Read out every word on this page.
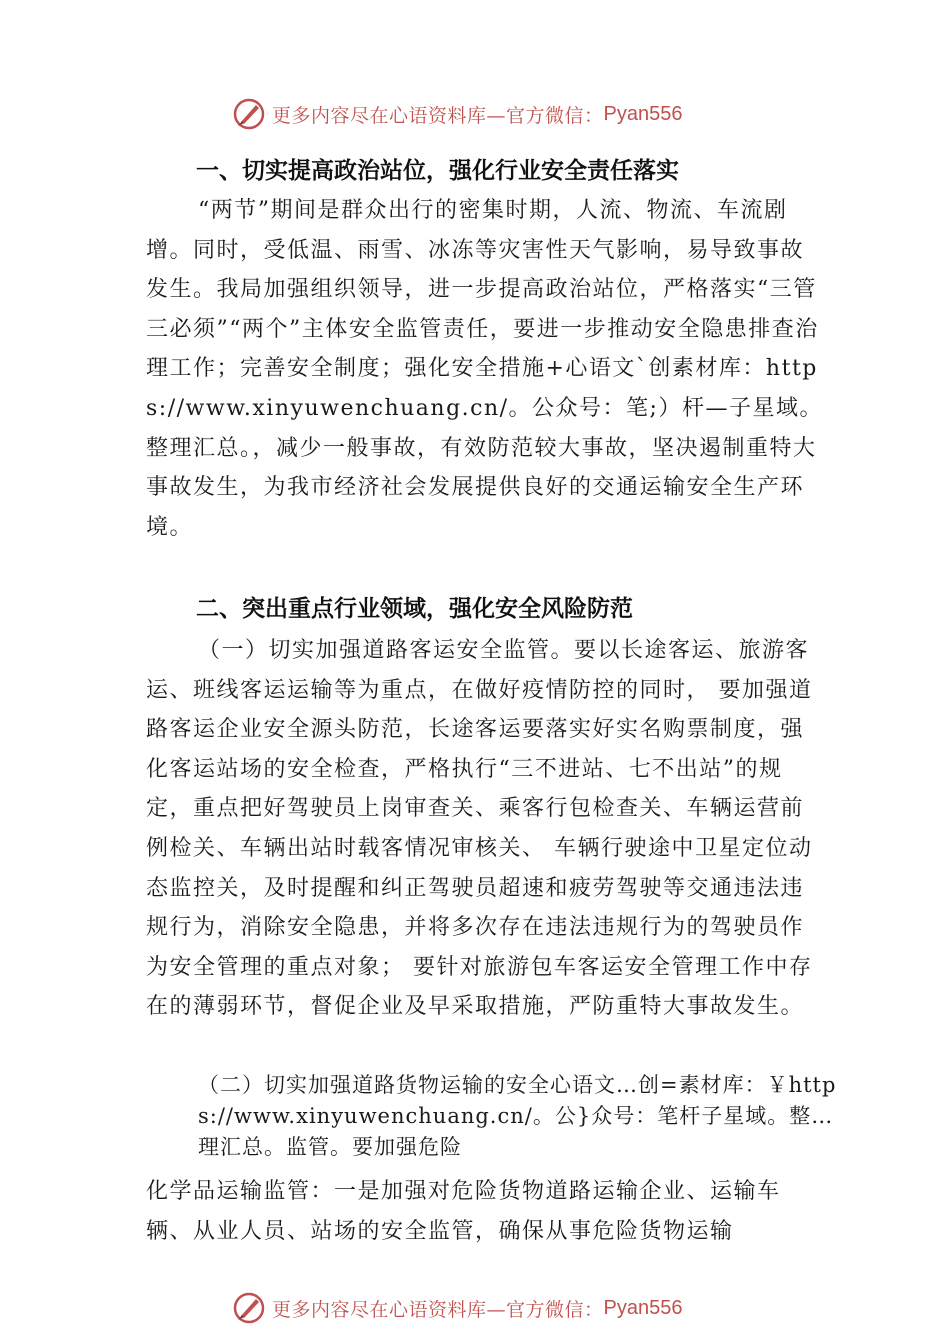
更多内容尽在心语资料库—官方微信： Pyan556
一、切实提高政治站位，强化行业安全责任落实
“两节”期间是群众出行的密集时期，人流、物流、车流剧增。同时，受低温、雨雪、冰冻等灾害性天气影响，易导致事故发生。我局加强组织领导，进一步提高政治站位，严格落实“三管三必须”“两个”主体安全监管责任，要进一步推动安全隐患排查治理工作；完善安全制度；强化安全措施+心语文`创素材库：https://www.xinyuwenchuang.cn/。公众号：笔;）杆—子星域。整理汇总。，减少一般事故，有效防范较大事故，坚决遏制重特大事故发生，为我市经济社会发展提供良好的交通运输安全生产环境。
二、突出重点行业领域，强化安全风险防范
（一）切实加强道路客运安全监管。要以长途客运、旅游客运、班线客运运输等为重点，在做好疫情防控的同时， 要加强道路客运企业安全源头防范，长途客运要落实好实名购票制度，强化客运站场的安全检查，严格执行“三不进站、七不出站”的规定，重点把好驾驶员上岗审查关、乘客行包检查关、车辆运营前例检关、车辆出站时载客情况审核关、 车辆行驶途中卫星定位动态监控关，及时提醒和纠正驾驶员超速和疲劳驾驶等交通违法违规行为，消除安全隐患，并将多次存在违法违规行为的驾驶员作为安全管理的重点对象； 要针对旅游包车客运安全管理工作中存在的薄弱环节，督促企业及早采取措施，严防重特大事故发生。
（二）切实加强道路货物运输的安全心语文…创=素材库：￥https://www.xinyuwenchuang.cn/。公}众号：笔杆子星域。整…理汇总。监管。要加强危险
化学品运输监管：一是加强对危险货物道路运输企业、运输车辆、从业人员、站场的安全监管，确保从事危险货物运输
更多内容尽在心语资料库—官方微信： Pyan556
